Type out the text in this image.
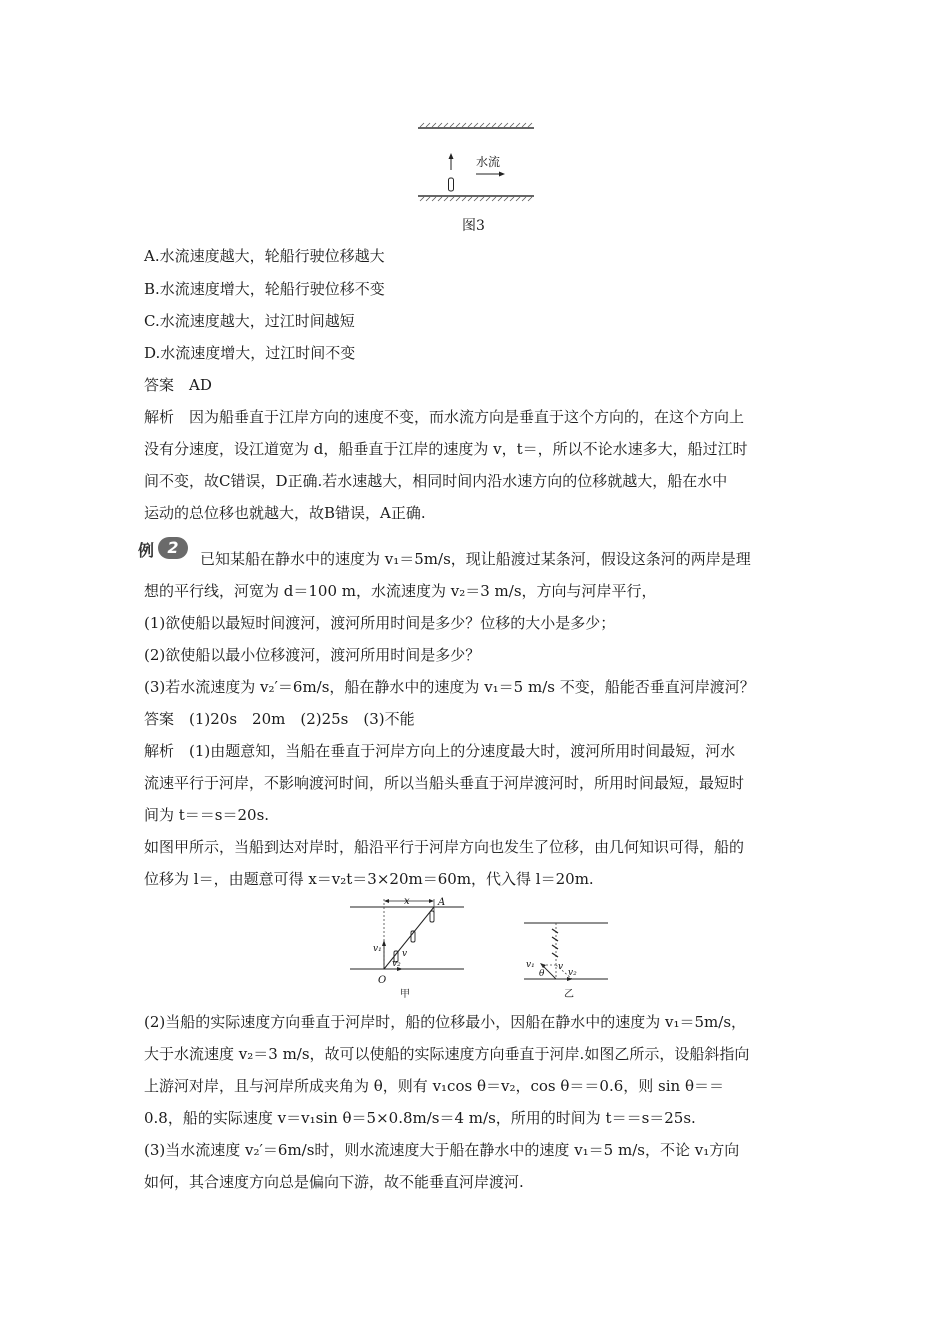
水流
图3
A.水流速度越大，轮船行驶位移越大
B.水流速度增大，轮船行驶位移不变
C.水流速度越大，过江时间越短
D.水流速度增大，过江时间不变
答案　AD
解析　因为船垂直于江岸方向的速度不变，而水流方向是垂直于这个方向的，在这个方向上
没有分速度，设江道宽为 d，船垂直于江岸的速度为 v，t＝，所以不论水速多大，船过江时
间不变，故C错误，D正确.若水速越大，相同时间内沿水速方向的位移就越大，船在水中
运动的总位移也就越大，故B错误，A正确.
例 2
已知某船在静水中的速度为 v₁＝5m/s，现让船渡过某条河，假设这条河的两岸是理
想的平行线，河宽为 d＝100 m，水流速度为 v₂＝3 m/s，方向与河岸平行，
(1)欲使船以最短时间渡河，渡河所用时间是多少？位移的大小是多少；
(2)欲使船以最小位移渡河，渡河所用时间是多少？
(3)若水流速度为 v₂′＝6m/s，船在静水中的速度为 v₁＝5 m/s 不变，船能否垂直河岸渡河？
答案　(1)20s　20m　(2)25s　(3)不能
解析　(1)由题意知，当船在垂直于河岸方向上的分速度最大时，渡河所用时间最短，河水
流速平行于河岸，不影响渡河时间，所以当船头垂直于河岸渡河时，所用时间最短，最短时
间为 t＝＝s＝20s.
如图甲所示，当船到达对岸时，船沿平行于河岸方向也发生了位移，由几何知识可得，船的
位移为 l＝，由题意可得 x＝v₂t＝3×20m＝60m，代入得 l＝20m.
x	A
v₁ v
v₂
O
甲
v₁	v
θ	v₂
乙
(2)当船的实际速度方向垂直于河岸时，船的位移最小，因船在静水中的速度为 v₁＝5m/s，
大于水流速度 v₂＝3 m/s，故可以使船的实际速度方向垂直于河岸.如图乙所示，设船斜指向
上游河对岸，且与河岸所成夹角为 θ，则有 v₁cos θ＝v₂，cos θ＝＝0.6，则 sin θ＝＝
0.8，船的实际速度 v＝v₁sin θ＝5×0.8m/s＝4 m/s，所用的时间为 t＝＝s＝25s.
(3)当水流速度 v₂′＝6m/s时，则水流速度大于船在静水中的速度 v₁＝5 m/s，不论 v₁方向
如何，其合速度方向总是偏向下游，故不能垂直河岸渡河.
